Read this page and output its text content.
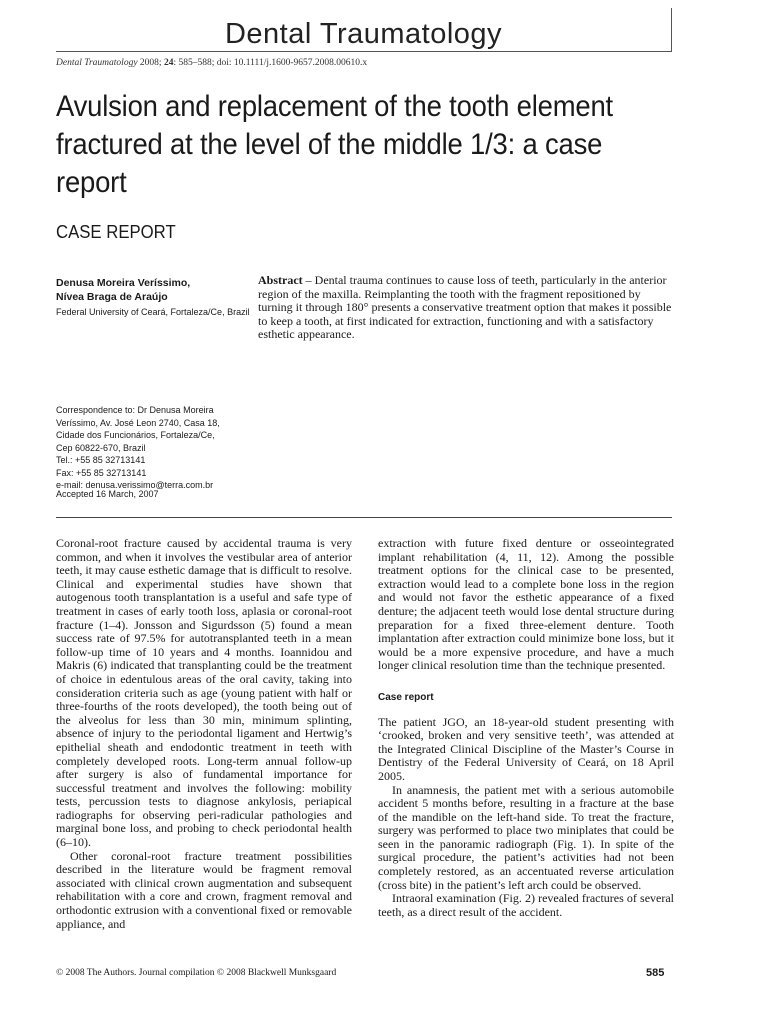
Dental Traumatology
Dental Traumatology 2008; 24: 585–588; doi: 10.1111/j.1600-9657.2008.00610.x
Avulsion and replacement of the tooth element fractured at the level of the middle 1/3: a case report
CASE REPORT
Denusa Moreira Veríssimo,
Nívea Braga de Araújo
Federal University of Ceará, Fortaleza/Ce, Brazil
Abstract – Dental trauma continues to cause loss of teeth, particularly in the anterior region of the maxilla. Reimplanting the tooth with the fragment repositioned by turning it through 180° presents a conservative treatment option that makes it possible to keep a tooth, at first indicated for extraction, functioning and with a satisfactory esthetic appearance.
Correspondence to: Dr Denusa Moreira
Veríssimo, Av. José Leon 2740, Casa 18,
Cidade dos Funcionários, Fortaleza/Ce,
Cep 60822-670, Brazil
Tel.: +55 85 32713141
Fax: +55 85 32713141
e-mail: denusa.verissimo@terra.com.br
Accepted 16 March, 2007

Coronal-root fracture caused by accidental trauma is very common, and when it involves the vestibular area of anterior teeth, it may cause esthetic damage that is difficult to resolve. Clinical and experimental studies have shown that autogenous tooth transplantation is a useful and safe type of treatment in cases of early tooth loss, aplasia or coronal-root fracture (1–4). Jonsson and Sigurdsson (5) found a mean success rate of 97.5% for autotransplanted teeth in a mean follow-up time of 10 years and 4 months. Ioannidou and Makris (6) indicated that transplanting could be the treatment of choice in edentulous areas of the oral cavity, taking into consideration criteria such as age (young patient with half or three-fourths of the roots developed), the tooth being out of the alveolus for less than 30 min, minimum splinting, absence of injury to the periodontal ligament and Hertwig’s epithelial sheath and endodontic treatment in teeth with completely developed roots. Long-term annual follow-up after surgery is also of fundamental importance for successful treatment and involves the following: mobility tests, percussion tests to diagnose ankylosis, periapical radiographs for observing peri-radicular pathologies and marginal bone loss, and probing to check periodontal health (6–10).

Other coronal-root fracture treatment possibilities described in the literature would be fragment removal associated with clinical crown augmentation and subsequent rehabilitation with a core and crown, fragment removal and orthodontic extrusion with a conventional fixed or removable appliance, and

extraction with future fixed denture or osseointegrated implant rehabilitation (4, 11, 12). Among the possible treatment options for the clinical case to be presented, extraction would lead to a complete bone loss in the region and would not favor the esthetic appearance of a fixed denture; the adjacent teeth would lose dental structure during preparation for a fixed three-element denture. Tooth implantation after extraction could minimize bone loss, but it would be a more expensive procedure, and have a much longer clinical resolution time than the technique presented.

Case report

The patient JGO, an 18-year-old student presenting with ‘crooked, broken and very sensitive teeth’, was attended at the Integrated Clinical Discipline of the Master’s Course in Dentistry of the Federal University of Ceará, on 18 April 2005.

In anamnesis, the patient met with a serious automobile accident 5 months before, resulting in a fracture at the base of the mandible on the left-hand side. To treat the fracture, surgery was performed to place two miniplates that could be seen in the panoramic radiograph (Fig. 1). In spite of the surgical procedure, the patient’s activities had not been completely restored, as an accentuated reverse articulation (cross bite) in the patient’s left arch could be observed.

Intraoral examination (Fig. 2) revealed fractures of several teeth, as a direct result of the accident.

© 2008 The Authors. Journal compilation © 2008 Blackwell Munksgaard	585
